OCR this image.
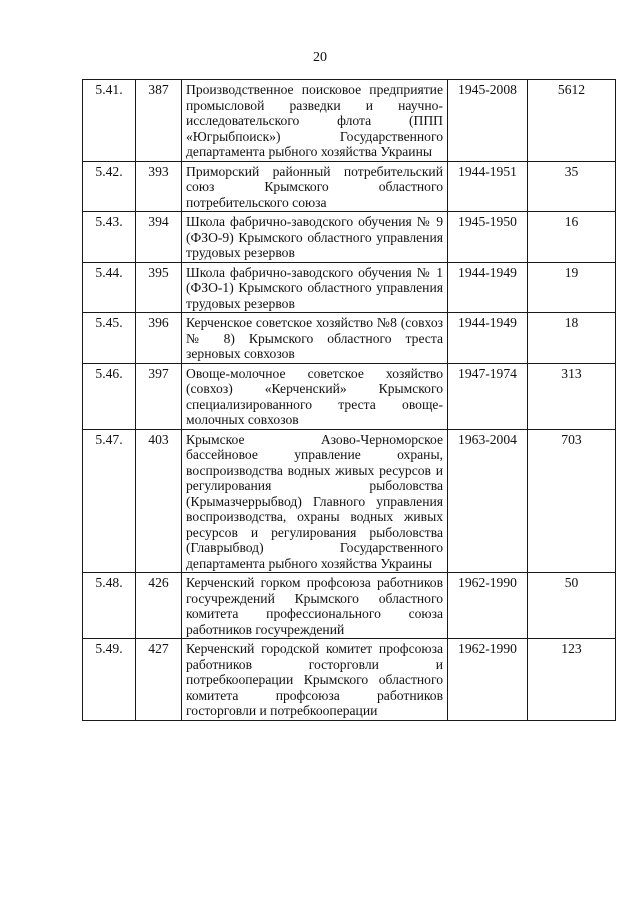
20
5.41.	387	Производственное поисковое предприятие промысловой разведки и научно-исследовательского флота (ППП «Югрыбпоиск») Государственного департамента рыбного хозяйства Украины	1945-2008	5612
5.42.	393	Приморский районный потребительский союз Крымского областного потребительского союза	1944-1951	35
5.43.	394	Школа фабрично-заводского обучения № 9 (ФЗО-9) Крымского областного управления трудовых резервов	1945-1950	16
5.44.	395	Школа фабрично-заводского обучения № 1 (ФЗО-1) Крымского областного управления трудовых резервов	1944-1949	19
5.45.	396	Керченское советское хозяйство №8 (совхоз № 8) Крымского областного треста зерновых совхозов	1944-1949	18
5.46.	397	Овоще-молочное советское хозяйство (совхоз) «Керченский» Крымского специализированного треста овоще-молочных совхозов	1947-1974	313
5.47.	403	Крымское Азово-Черноморское бассейновое управление охраны, воспроизводства водных живых ресурсов и регулирования рыболовства (Крымазчеррыбвод) Главного управления воспроизводства, охраны водных живых ресурсов и регулирования рыболовства (Главрыбвод) Государственного департамента рыбного хозяйства Украины	1963-2004	703
5.48.	426	Керченский горком профсоюза работников госучреждений Крымского областного комитета профессионального союза работников госучреждений	1962-1990	50
5.49.	427	Керченский городской комитет профсоюза работников госторговли и потребкооперации Крымского областного комитета профсоюза работников госторговли и потребкооперации	1962-1990	123
